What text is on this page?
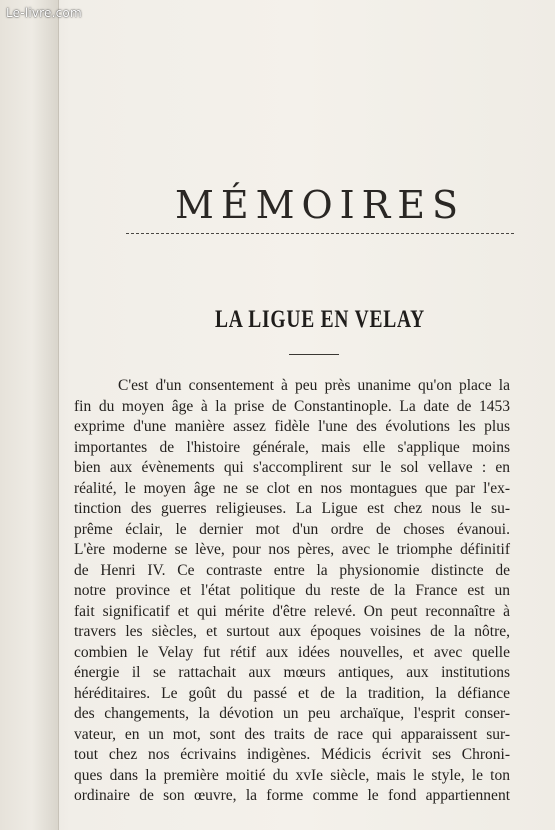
Le-livre.com
MÉMOIRES
LA LIGUE EN VELAY
C'est d'un consentement à peu près unanime qu'on place la
fin du moyen âge à la prise de Constantinople. La date de 1453
exprime d'une manière assez fidèle l'une des évolutions les plus
importantes de l'histoire générale, mais elle s'applique moins
bien aux évènements qui s'accomplirent sur le sol vellave : en
réalité, le moyen âge ne se clot en nos montagues que par l'ex-
tinction des guerres religieuses. La Ligue est chez nous le su-
prême éclair, le dernier mot d'un ordre de choses évanoui.
L'ère moderne se lève, pour nos pères, avec le triomphe définitif
de Henri IV. Ce contraste entre la physionomie distincte de
notre province et l'état politique du reste de la France est un
fait significatif et qui mérite d'être relevé. On peut reconnaître à
travers les siècles, et surtout aux époques voisines de la nôtre,
combien le Velay fut rétif aux idées nouvelles, et avec quelle
énergie il se rattachait aux mœurs antiques, aux institutions
héréditaires. Le goût du passé et de la tradition, la défiance
des changements, la dévotion un peu archaïque, l'esprit conser-
vateur, en un mot, sont des traits de race qui apparaissent sur-
tout chez nos écrivains indigènes. Médicis écrivit ses Chroni-
ques dans la première moitié du xvIe siècle, mais le style, le ton
ordinaire de son œuvre, la forme comme le fond appartiennent
